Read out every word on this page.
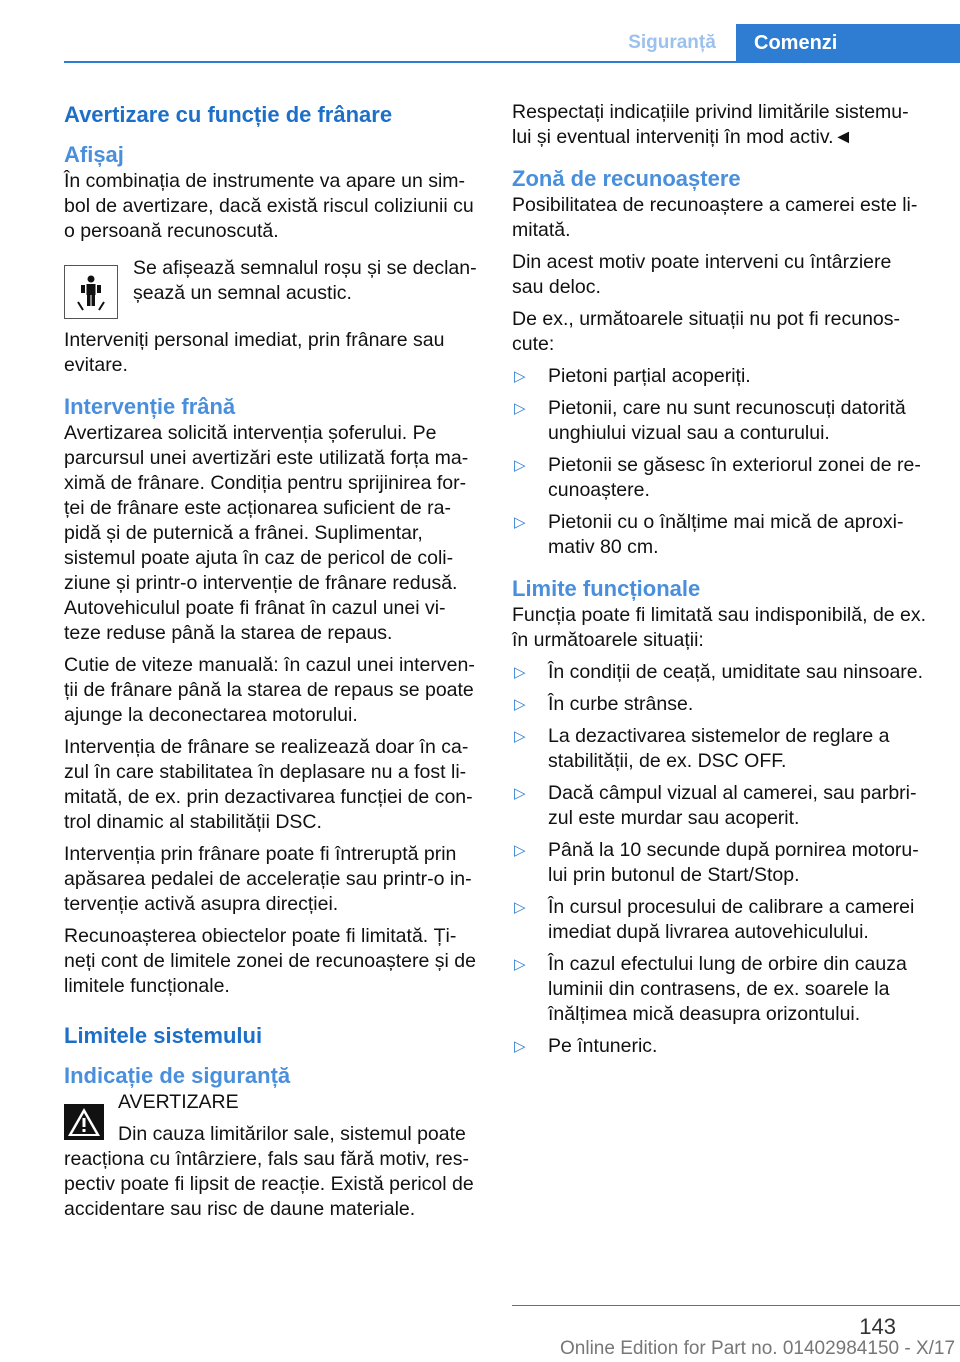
Siguranță	Comenzi
Avertizare cu funcție de frânare
Afișaj
În combinația de instrumente va apare un sim-bol de avertizare, dacă există riscul coliziunii cu o persoană recunoscută.
Se afișează semnalul roșu și se declan-șează un semnal acustic.
Interveniți personal imediat, prin frânare sau evitare.
Intervenție frână
Avertizarea solicită intervenția șoferului. Pe parcursul unei avertizări este utilizată forța ma-ximă de frânare. Condiția pentru sprijinirea for-ței de frânare este acționarea suficient de ra-pidă și de puternică a frânei. Suplimentar, sistemul poate ajuta în caz de pericol de coli-ziune și printr-o intervenție de frânare redusă. Autovehiculul poate fi frânat în cazul unei vi-teze reduse până la starea de repaus.
Cutie de viteze manuală: în cazul unei interven-ții de frânare până la starea de repaus se poate ajunge la deconectarea motorului.
Intervenția de frânare se realizează doar în ca-zul în care stabilitatea în deplasare nu a fost li-mitată, de ex. prin dezactivarea funcției de con-trol dinamic al stabilității DSC.
Intervenția prin frânare poate fi întreruptă prin apăsarea pedalei de accelerație sau printr-o in-tervenție activă asupra direcției.
Recunoașterea obiectelor poate fi limitată. Ți-neți cont de limitele zonei de recunoaștere și de limitele funcționale.
Limitele sistemului
Indicație de siguranță
AVERTIZARE
Din cauza limitărilor sale, sistemul poate
reacționa cu întârziere, fals sau fără motiv, res-pectiv poate fi lipsit de reacție. Există pericol de accidentare sau risc de daune materiale.
Respectați indicațiile privind limitările sistemu-lui și eventual interveniți în mod activ.◄
Zonă de recunoaștere
Posibilitatea de recunoaștere a camerei este li-mitată.
Din acest motiv poate interveni cu întârziere sau deloc.
De ex., următoarele situații nu pot fi recunos-cute:
▷	Pietoni parțial acoperiți.
▷	Pietonii, care nu sunt recunoscuți datorită unghiului vizual sau a conturului.
▷	Pietonii se găsesc în exteriorul zonei de re-cunoaștere.
▷	Pietonii cu o înălțime mai mică de aproxi-mativ 80 cm.
Limite funcționale
Funcția poate fi limitată sau indisponibilă, de ex. în următoarele situații:
▷	În condiții de ceață, umiditate sau ninsoare.
▷	În curbe strânse.
▷	La dezactivarea sistemelor de reglare a stabilității, de ex. DSC OFF.
▷	Dacă câmpul vizual al camerei, sau parbri-zul este murdar sau acoperit.
▷	Până la 10 secunde după pornirea motoru-lui prin butonul de Start/Stop.
▷	În cursul procesului de calibrare a camerei imediat după livrarea autovehiculului.
▷	În cazul efectului lung de orbire din cauza luminii din contrasens, de ex. soarele la înălțimea mică deasupra orizontului.
▷	Pe întuneric.
143
Online Edition for Part no. 01402984150 - X/17
